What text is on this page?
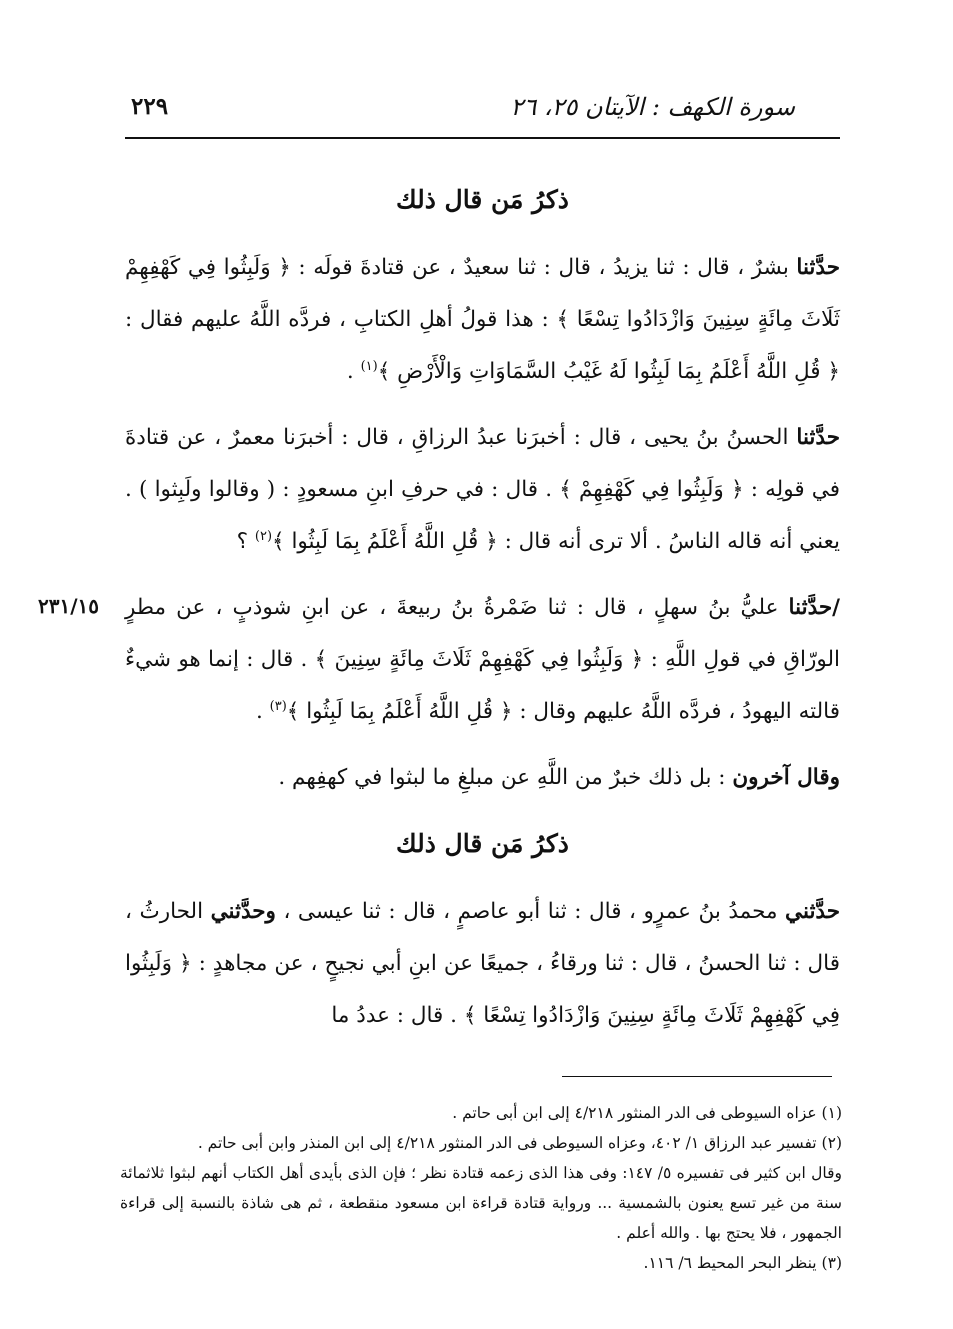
سورة الكهف : الآيتان ٢٥، ٢٦
٢٢٩
٢٣١/١٥
ذكرُ مَن قال ذلك

حدَّثنا بشرٌ ، قال : ثنا يزيدُ ، قال : ثنا سعيدٌ ، عن قتادةَ قولَه : ﴿ وَلَبِثُوا فِي كَهْفِهِمْ ثَلَاثَ مِائَةٍ سِنِينَ وَازْدَادُوا تِسْعًا ﴾ : هذا قولُ أهلِ الكتابِ ، فردَّه اللَّهُ عليهم فقال : ﴿ قُلِ اللَّهُ أَعْلَمُ بِمَا لَبِثُوا لَهُ غَيْبُ السَّمَاوَاتِ وَالْأَرْضِ ﴾$^{(١)}$ .

حدَّثنا الحسنُ بنُ يحيى ، قال : أخبرَنا عبدُ الرزاقِ ، قال : أخبرَنا معمرٌ ، عن قتادةَ في قولِه : ﴿ وَلَبِثُوا فِي كَهْفِهِمْ ﴾ . قال : في حرفِ ابنِ مسعودٍ : ( وقالوا ولَبِثوا ) . يعني أنه قاله الناسُ . ألا ترى أنه قال : ﴿ قُلِ اللَّهُ أَعْلَمُ بِمَا لَبِثُوا ﴾$^{(٢)}$ ؟

/حدَّثنا عليُّ بنُ سهلٍ ، قال : ثنا ضَمْرةُ بنُ ربيعةَ ، عن ابنِ شوذبٍ ، عن مطرٍ الورّاقِ في قولِ اللَّهِ : ﴿ وَلَبِثُوا فِي كَهْفِهِمْ ثَلَاثَ مِائَةٍ سِنِينَ ﴾ . قال : إنما هو شيءٌ قالته اليهودُ ، فردَّه اللَّهُ عليهم وقال : ﴿ قُلِ اللَّهُ أَعْلَمُ بِمَا لَبِثُوا ﴾$^{(٣)}$ .

وقال آخرون : بل ذلك خبرٌ من اللَّهِ عن مبلغِ ما لبثوا في كهفِهم .

ذكرُ مَن قال ذلك

حدَّثني محمدُ بنُ عمرٍو ، قال : ثنا أبو عاصمٍ ، قال : ثنا عيسى ، وحدَّثني الحارثُ ، قال : ثنا الحسنُ ، قال : ثنا ورقاءُ ، جميعًا عن ابنِ أبي نجيحٍ ، عن مجاهدٍ : ﴿ وَلَبِثُوا فِي كَهْفِهِمْ ثَلَاثَ مِائَةٍ سِنِينَ وَازْدَادُوا تِسْعًا ﴾ . قال : عددُ ما

(١) عزاه السيوطى فى الدر المنثور ٤/٢١٨ إلى ابن أبى حاتم .

(٢) تفسير عبد الرزاق ١/ ٤٠٢، وعزاه السيوطى فى الدر المنثور ٤/٢١٨ إلى ابن المنذر وابن أبى حاتم .

وقال ابن كثير فى تفسيره ٥/ ١٤٧: وفى هذا الذى زعمه قتادة نظر ؛ فإن الذى بأيدى أهل الكتاب أنهم لبثوا ثلاثمائة سنة من غير تسع يعنون بالشمسية ... ورواية قتادة قراءة ابن مسعود منقطعة ، ثم هى شاذة بالنسبة إلى قراءة الجمهور ، فلا يحتج بها . والله أعلم .

(٣) ينظر البحر المحيط ٦/ ١١٦.
